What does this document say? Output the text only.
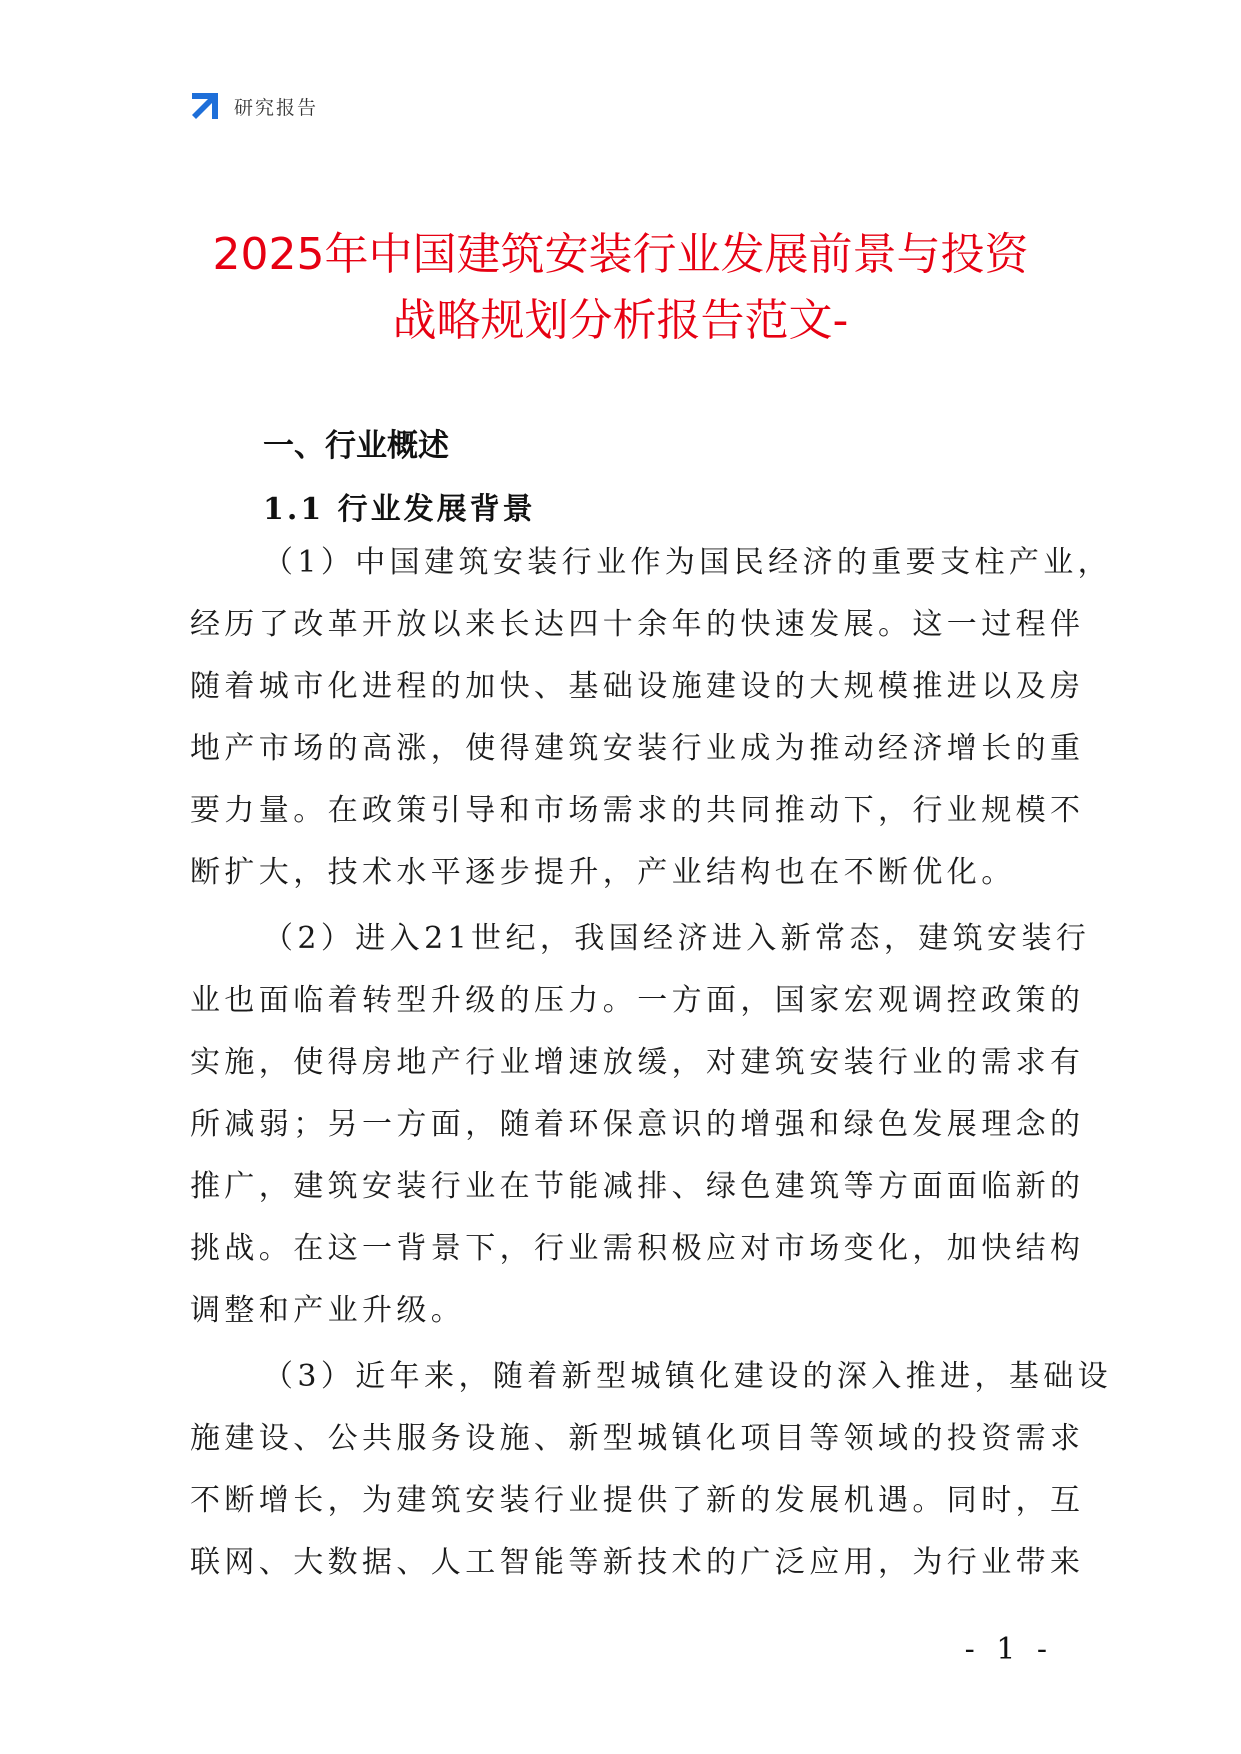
研究报告
2025年中国建筑安装行业发展前景与投资
战略规划分析报告范文-
一、行业概述
1.1 行业发展背景
（1）中国建筑安装行业作为国民经济的重要支柱产业，
经历了改革开放以来长达四十余年的快速发展。这一过程伴
随着城市化进程的加快、基础设施建设的大规模推进以及房
地产市场的高涨，使得建筑安装行业成为推动经济增长的重
要力量。在政策引导和市场需求的共同推动下，行业规模不
断扩大，技术水平逐步提升，产业结构也在不断优化。
（2）进入21世纪，我国经济进入新常态，建筑安装行
业也面临着转型升级的压力。一方面，国家宏观调控政策的
实施，使得房地产行业增速放缓，对建筑安装行业的需求有
所减弱；另一方面，随着环保意识的增强和绿色发展理念的
推广，建筑安装行业在节能减排、绿色建筑等方面面临新的
挑战。在这一背景下，行业需积极应对市场变化，加快结构
调整和产业升级。
（3）近年来，随着新型城镇化建设的深入推进，基础设
施建设、公共服务设施、新型城镇化项目等领域的投资需求
不断增长，为建筑安装行业提供了新的发展机遇。同时，互
联网、大数据、人工智能等新技术的广泛应用，为行业带来
- 1 -
